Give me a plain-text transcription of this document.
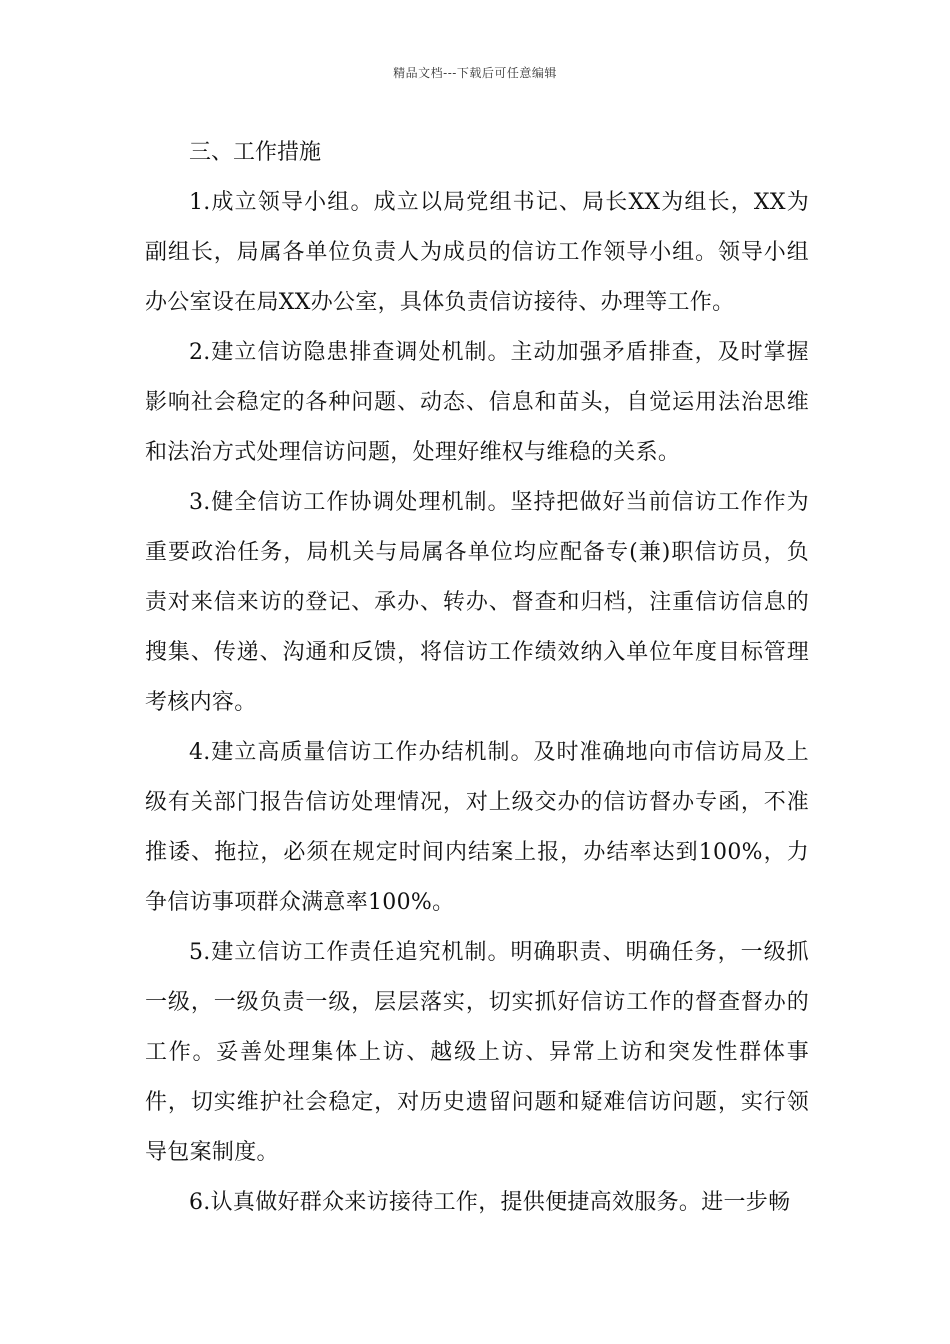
精品文档---下载后可任意编辑
三、工作措施

1.成立领导小组。成立以局党组书记、局长XX为组长，XX为副组长，局属各单位负责人为成员的信访工作领导小组。领导小组办公室设在局XX办公室，具体负责信访接待、办理等工作。

2.建立信访隐患排查调处机制。主动加强矛盾排查，及时掌握影响社会稳定的各种问题、动态、信息和苗头，自觉运用法治思维和法治方式处理信访问题，处理好维权与维稳的关系。

3.健全信访工作协调处理机制。坚持把做好当前信访工作作为重要政治任务，局机关与局属各单位均应配备专(兼)职信访员，负责对来信来访的登记、承办、转办、督查和归档，注重信访信息的搜集、传递、沟通和反馈，将信访工作绩效纳入单位年度目标管理考核内容。

4.建立高质量信访工作办结机制。及时准确地向市信访局及上级有关部门报告信访处理情况，对上级交办的信访督办专函，不准推诿、拖拉，必须在规定时间内结案上报，办结率达到100%，力争信访事项群众满意率100%。

5.建立信访工作责任追究机制。明确职责、明确任务，一级抓一级，一级负责一级，层层落实，切实抓好信访工作的督查督办的工作。妥善处理集体上访、越级上访、异常上访和突发性群体事件，切实维护社会稳定，对历史遗留问题和疑难信访问题，实行领导包案制度。

6.认真做好群众来访接待工作，提供便捷高效服务。进一步畅
